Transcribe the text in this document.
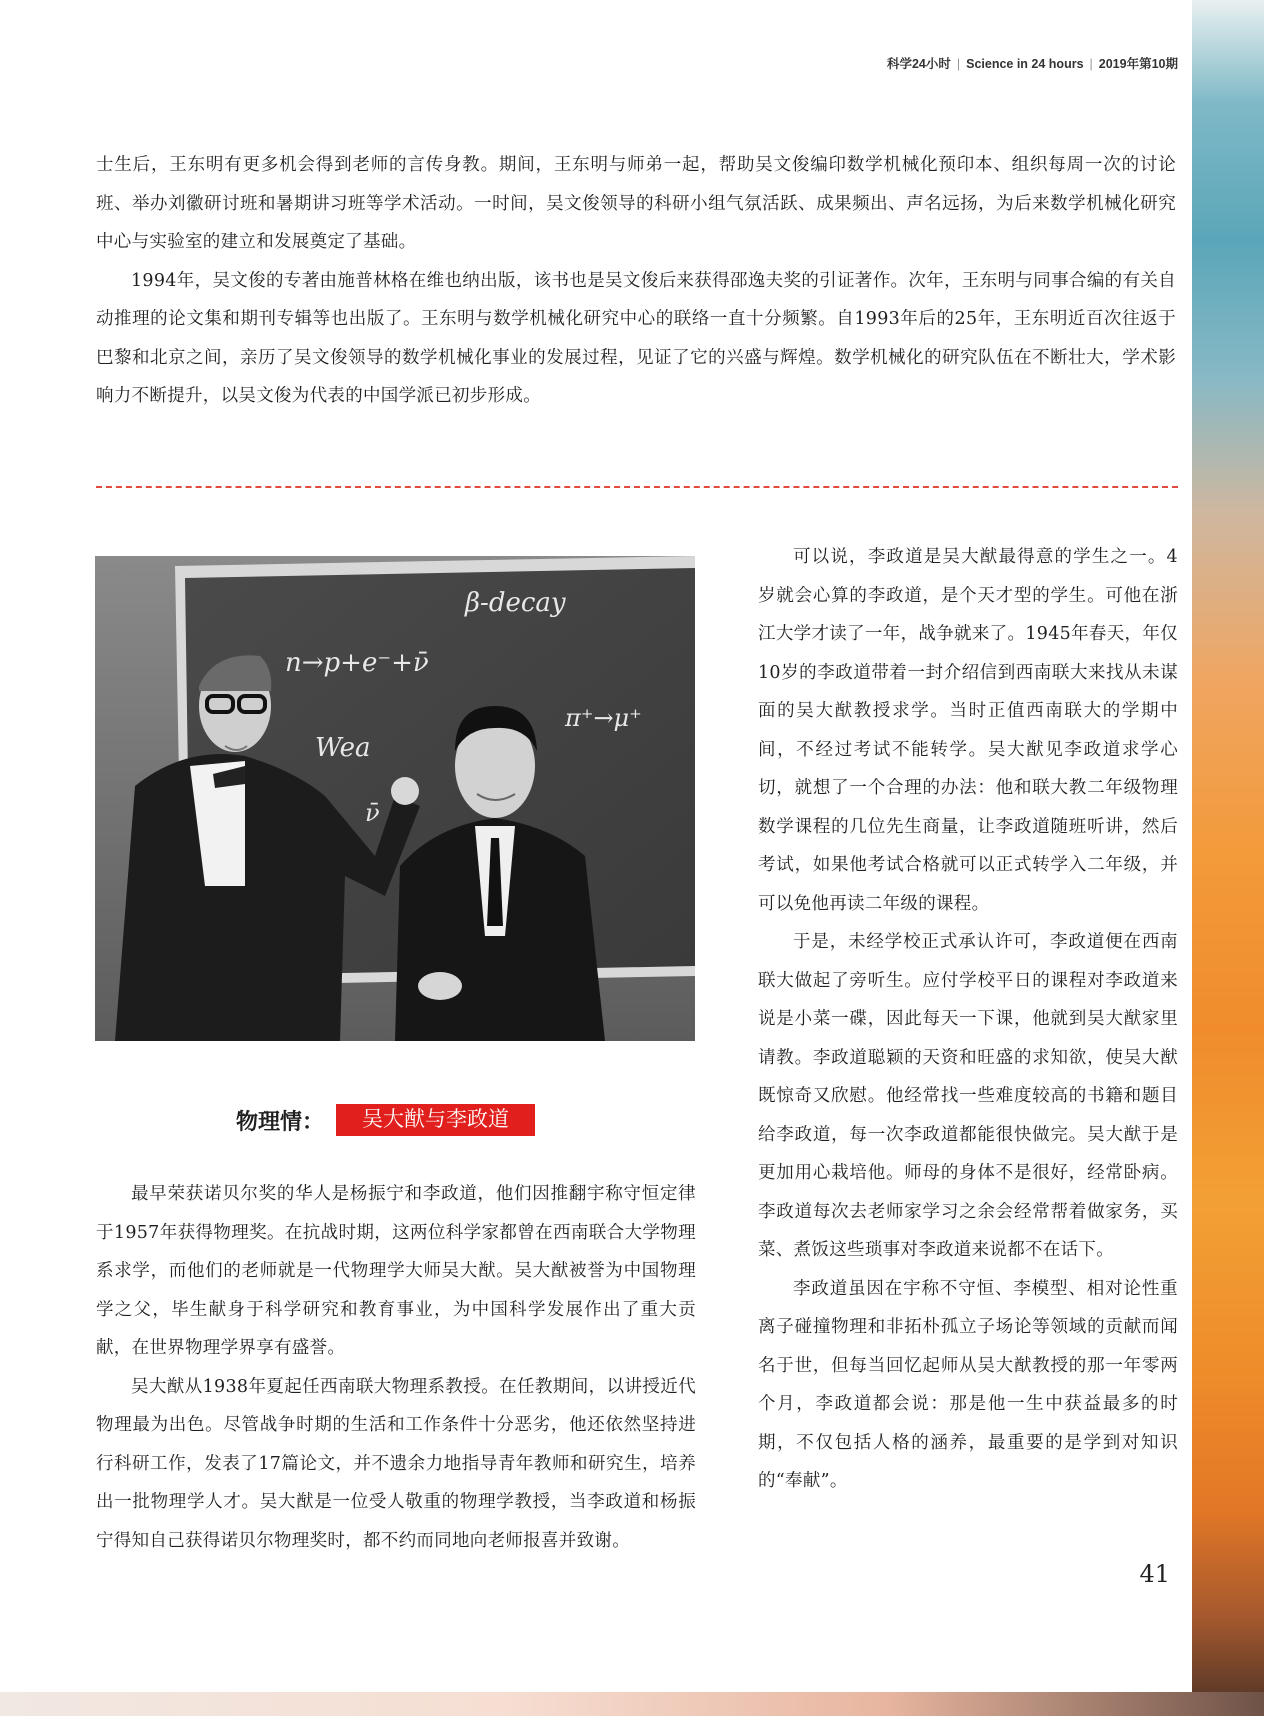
科学24小时 | Science in 24 hours | 2019年第10期
士生后，王东明有更多机会得到老师的言传身教。期间，王东明与师弟一起，帮助吴文俊编印数学机械化预印本、组织每周一次的讨论班、举办刘徽研讨班和暑期讲习班等学术活动。一时间，吴文俊领导的科研小组气氛活跃、成果频出、声名远扬，为后来数学机械化研究中心与实验室的建立和发展奠定了基础。
1994年，吴文俊的专著由施普林格在维也纳出版，该书也是吴文俊后来获得邵逸夫奖的引证著作。次年，王东明与同事合编的有关自动推理的论文集和期刊专辑等也出版了。王东明与数学机械化研究中心的联络一直十分频繁。自1993年后的25年，王东明近百次往返于巴黎和北京之间，亲历了吴文俊领导的数学机械化事业的发展过程，见证了它的兴盛与辉煌。数学机械化的研究队伍在不断壮大，学术影响力不断提升，以吴文俊为代表的中国学派已初步形成。
β-decay
n→p+e⁻+ν̄
π⁺→μ⁺
Wea
ν̄
物理情：	吴大猷与李政道
最早荣获诺贝尔奖的华人是杨振宁和李政道，他们因推翻宇称守恒定律于1957年获得物理奖。在抗战时期，这两位科学家都曾在西南联合大学物理系求学，而他们的老师就是一代物理学大师吴大猷。吴大猷被誉为中国物理学之父，毕生献身于科学研究和教育事业，为中国科学发展作出了重大贡献，在世界物理学界享有盛誉。
吴大猷从1938年夏起任西南联大物理系教授。在任教期间，以讲授近代物理最为出色。尽管战争时期的生活和工作条件十分恶劣，他还依然坚持进行科研工作，发表了17篇论文，并不遗余力地指导青年教师和研究生，培养出一批物理学人才。吴大猷是一位受人敬重的物理学教授，当李政道和杨振宁得知自己获得诺贝尔物理奖时，都不约而同地向老师报喜并致谢。
可以说，李政道是吴大猷最得意的学生之一。4岁就会心算的李政道，是个天才型的学生。可他在浙江大学才读了一年，战争就来了。1945年春天，年仅10岁的李政道带着一封介绍信到西南联大来找从未谋面的吴大猷教授求学。当时正值西南联大的学期中间，不经过考试不能转学。吴大猷见李政道求学心切，就想了一个合理的办法：他和联大教二年级物理数学课程的几位先生商量，让李政道随班听讲，然后考试，如果他考试合格就可以正式转学入二年级，并可以免他再读二年级的课程。
于是，未经学校正式承认许可，李政道便在西南联大做起了旁听生。应付学校平日的课程对李政道来说是小菜一碟，因此每天一下课，他就到吴大猷家里请教。李政道聪颖的天资和旺盛的求知欲，使吴大猷既惊奇又欣慰。他经常找一些难度较高的书籍和题目给李政道，每一次李政道都能很快做完。吴大猷于是更加用心栽培他。师母的身体不是很好，经常卧病。李政道每次去老师家学习之余会经常帮着做家务，买菜、煮饭这些琐事对李政道来说都不在话下。
李政道虽因在宇称不守恒、李模型、相对论性重离子碰撞物理和非拓朴孤立子场论等领域的贡献而闻名于世，但每当回忆起师从吴大猷教授的那一年零两个月，李政道都会说：那是他一生中获益最多的时期，不仅包括人格的涵养，最重要的是学到对知识的“奉献”。
41
